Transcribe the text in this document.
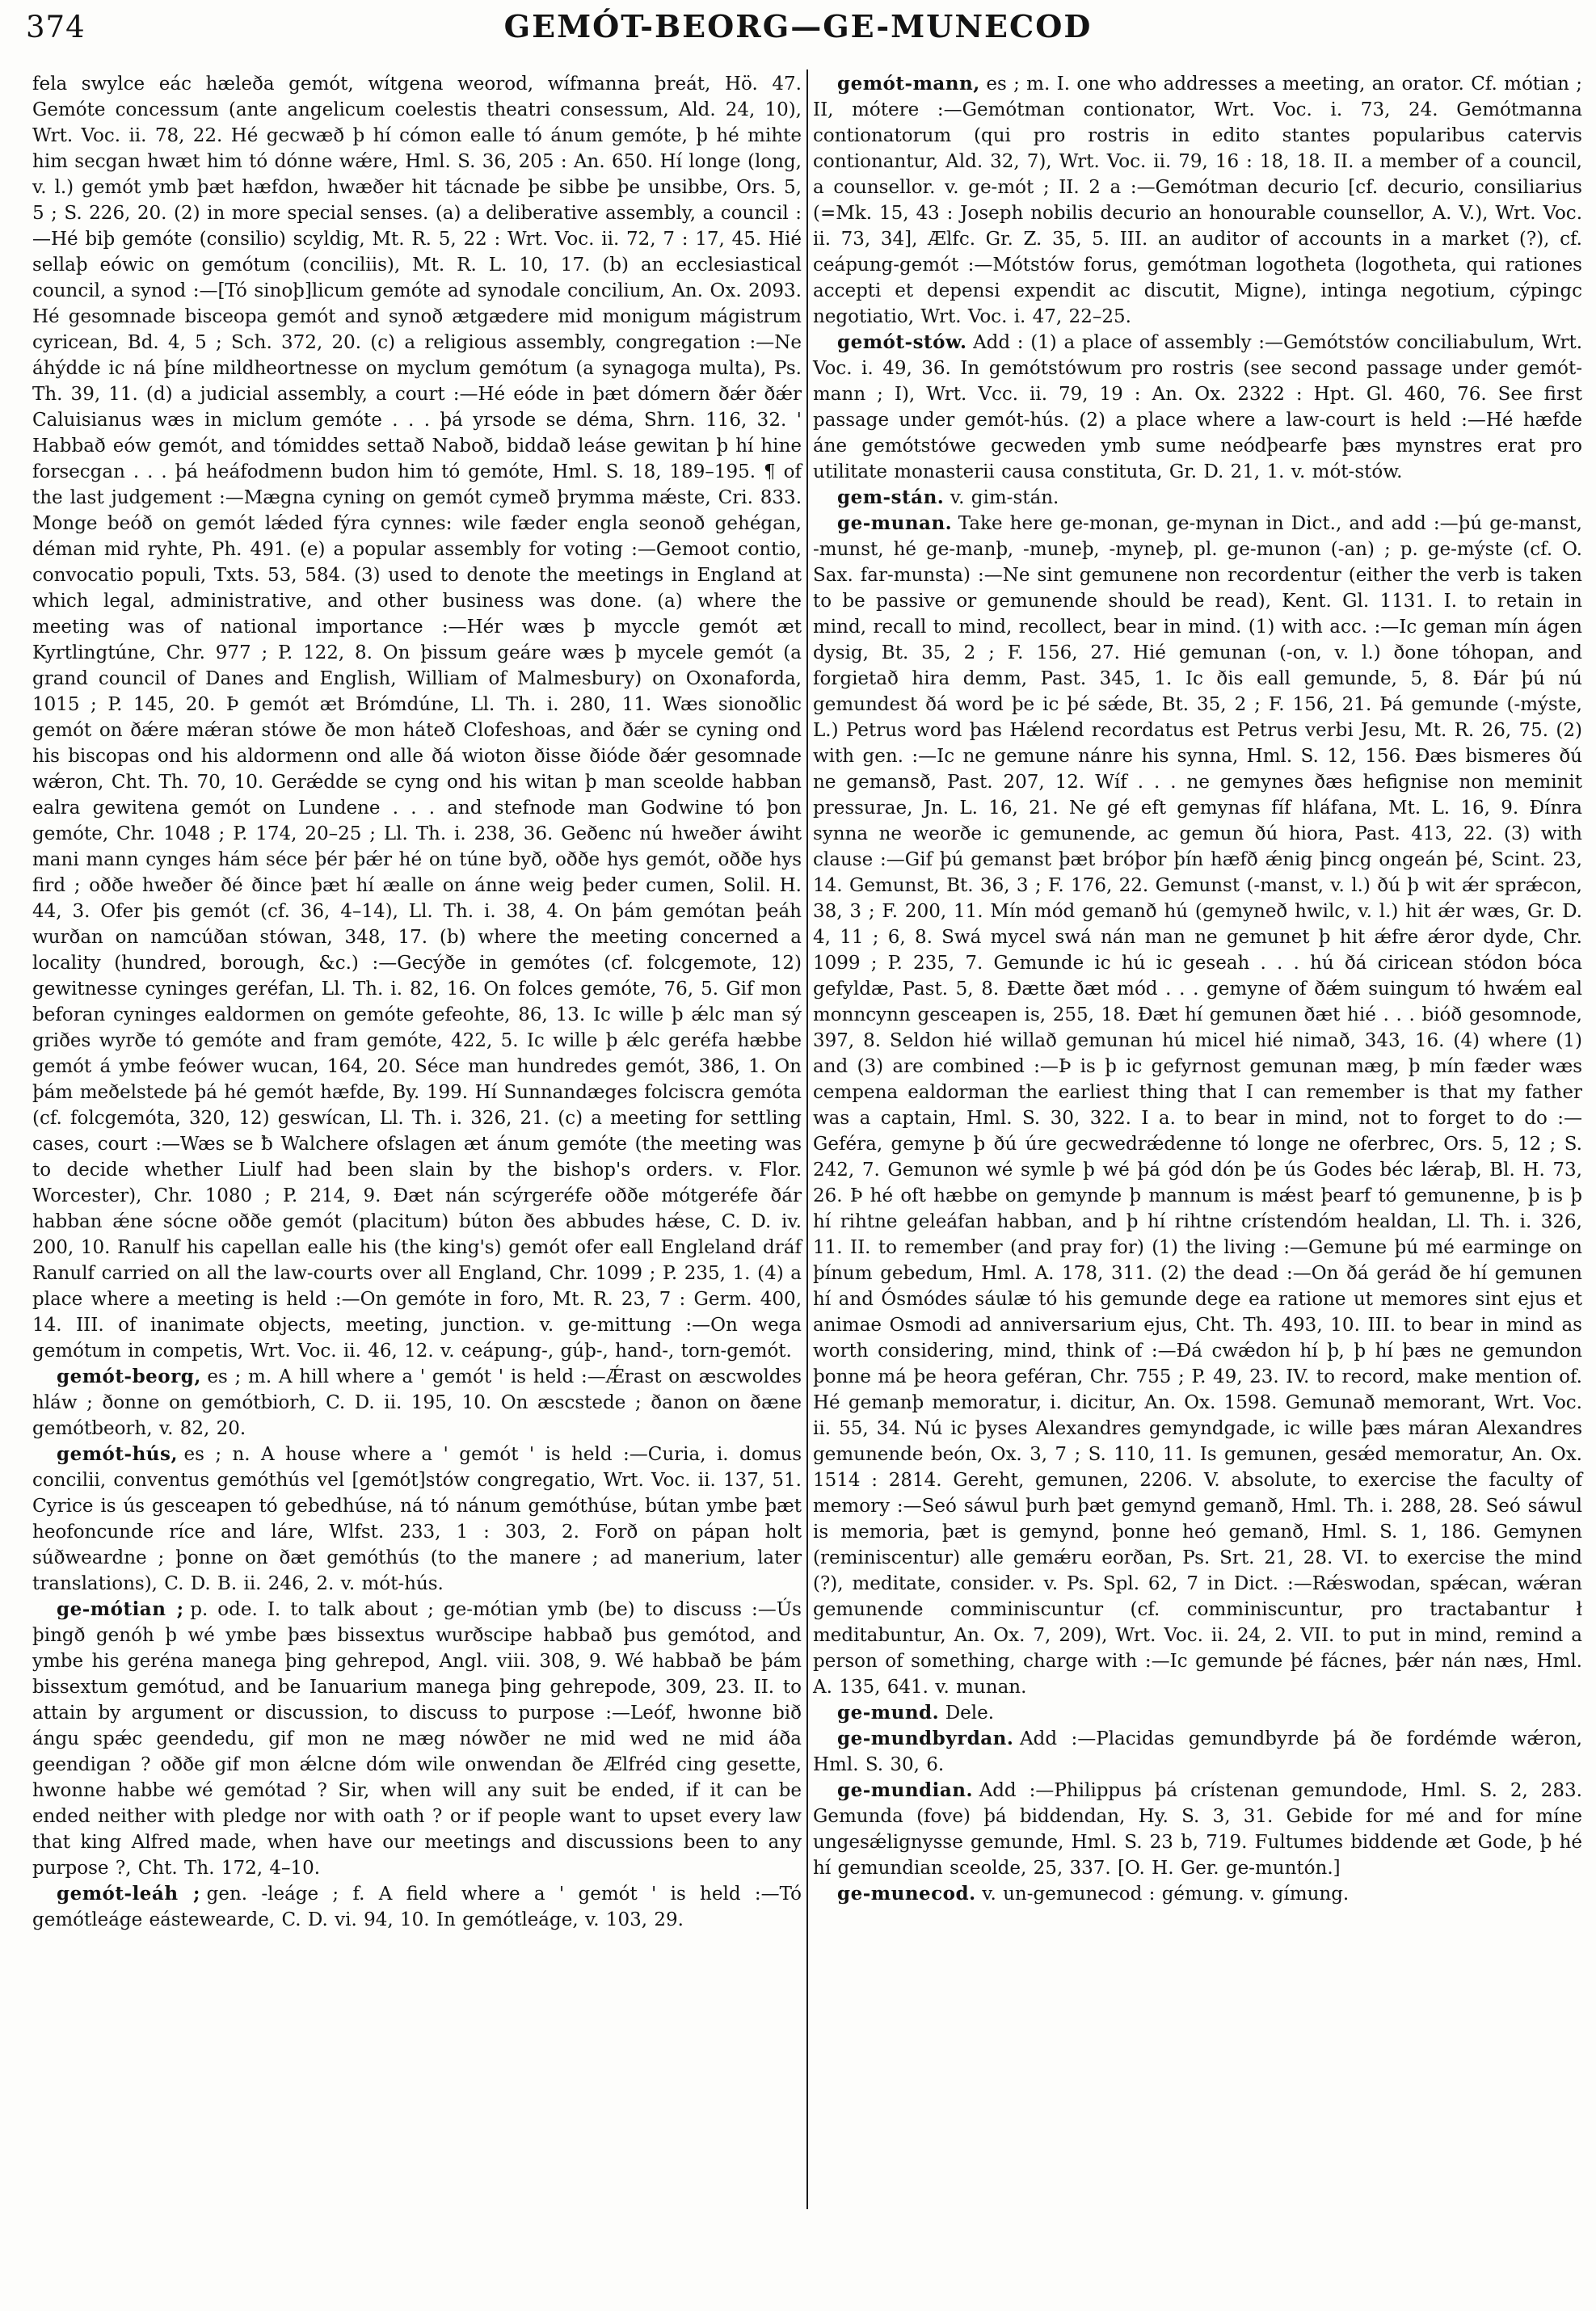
374	GEMÓT-BEORG—GE-MUNECOD

fela swylce eác hæleða gemót, wítgena weorod, wífmanna þreát, Hö. 47. Gemóte concessum (ante angelicum coelestis theatri consessum, Ald. 24, 10), Wrt. Voc. ii. 78, 22. Hé gecwæð þ hí cómon ealle tó ánum gemóte, þ hé mihte him secgan hwæt him tó dónne wǽre, Hml. S. 36, 205 : An. 650. Hí longe (long, v. l.) gemót ymb þæt hæfdon, hwæðer hit tácnade þe sibbe þe unsibbe, Ors. 5, 5 ; S. 226, 20. (2) in more special senses. (a) a deliberative assembly, a council :—Hé biþ gemóte (consilio) scyldig, Mt. R. 5, 22 : Wrt. Voc. ii. 72, 7 : 17, 45. Hié sellaþ eówic on gemótum (conciliis), Mt. R. L. 10, 17. (b) an ecclesiastical council, a synod :—[Tó sinoþ]licum gemóte ad synodale concilium, An. Ox. 2093. Hé gesomnade bisceopa gemót and synoð ætgædere mid monigum mágistrum cyricean, Bd. 4, 5 ; Sch. 372, 20. (c) a religious assembly, congregation :—Ne áhýdde ic ná þíne mildheortnesse on myclum gemótum (a synagoga multa), Ps. Th. 39, 11. (d) a judicial assembly, a court :—Hé eóde in þæt dómern ðǽr ðǽr Caluisianus wæs in miclum gemóte . . . þá yrsode se déma, Shrn. 116, 32. ' Habbað eów gemót, and tómiddes settað Naboð, biddað leáse gewitan þ hí hine forsecgan . . . þá heáfodmenn budon him tó gemóte, Hml. S. 18, 189–195. ¶ of the last judgement :—Mægna cyning on gemót cymeð þrymma mǽste, Cri. 833. Monge beóð on gemót lǽded fýra cynnes: wile fæder engla seonoð gehégan, déman mid ryhte, Ph. 491. (e) a popular assembly for voting :—Gemoot contio, convocatio populi, Txts. 53, 584. (3) used to denote the meetings in England at which legal, administrative, and other business was done. (a) where the meeting was of national importance :—Hér wæs þ myccle gemót æt Kyrtlingtúne, Chr. 977 ; P. 122, 8. On þissum geáre wæs þ mycele gemót (a grand council of Danes and English, William of Malmesbury) on Oxonaforda, 1015 ; P. 145, 20. Þ gemót æt Brómdúne, Ll. Th. i. 280, 11. Wæs sionoðlic gemót on ðǽre mǽran stówe ðe mon háteð Clofeshoas, and ðǽr se cyning ond his biscopas ond his aldormenn ond alle ðá wioton ðisse ðióde ðǽr gesomnade wǽron, Cht. Th. 70, 10. Gerǽdde se cyng ond his witan þ man sceolde habban ealra gewitena gemót on Lundene . . . and stefnode man Godwine tó þon gemóte, Chr. 1048 ; P. 174, 20–25 ; Ll. Th. i. 238, 36. Geðenc nú hweðer áwiht mani mann cynges hám séce þér þǽr hé on túne byð, oððe hys gemót, oððe hys fird ; oððe hweðer ðé ðince þæt hí æalle on ánne weig þeder cumen, Solil. H. 44, 3. Ofer þis gemót (cf. 36, 4–14), Ll. Th. i. 38, 4. On þám gemótan þeáh wurðan on namcúðan stówan, 348, 17. (b) where the meeting concerned a locality (hundred, borough, &c.) :—Gecýðe in gemótes (cf. folcgemote, 12) gewitnesse cyninges geréfan, Ll. Th. i. 82, 16. On folces gemóte, 76, 5. Gif mon beforan cyninges ealdormen on gemóte gefeohte, 86, 13. Ic wille þ ǽlc man sý griðes wyrðe tó gemóte and fram gemóte, 422, 5. Ic wille þ ǽlc geréfa hæbbe gemót á ymbe feówer wucan, 164, 20. Séce man hundredes gemót, 386, 1. On þám meðelstede þá hé gemót hæfde, By. 199. Hí Sunnandæges folciscra gemóta (cf. folcgemóta, 320, 12) geswícan, Ll. Th. i. 326, 21. (c) a meeting for settling cases, court :—Wæs se ƀ Walchere ofslagen æt ánum gemóte (the meeting was to decide whether Liulf had been slain by the bishop's orders. v. Flor. Worcester), Chr. 1080 ; P. 214, 9. Ðæt nán scýrgeréfe oððe mótgeréfe ðár habban ǽne sócne oððe gemót (placitum) búton ðes abbudes hǽse, C. D. iv. 200, 10. Ranulf his capellan ealle his (the king's) gemót ofer eall Engleland dráf Ranulf carried on all the law-courts over all England, Chr. 1099 ; P. 235, 1. (4) a place where a meeting is held :—On gemóte in foro, Mt. R. 23, 7 : Germ. 400, 14. III. of inanimate objects, meeting, junction. v. ge-mittung :—On wega gemótum in competis, Wrt. Voc. ii. 46, 12. v. ceápung-, gúþ-, hand-, torn-gemót.

gemót-beorg, es ; m. A hill where a ' gemót ' is held :—Ǽrast on æscwoldes hláw ; ðonne on gemótbiorh, C. D. ii. 195, 10. On æscstede ; ðanon on ðæne gemótbeorh, v. 82, 20.

gemót-hús, es ; n. A house where a ' gemót ' is held :—Curia, i. domus concilii, conventus gemóthús vel [gemót]stów congregatio, Wrt. Voc. ii. 137, 51. Cyrice is ús gesceapen tó gebedhúse, ná tó nánum gemóthúse, bútan ymbe þæt heofoncunde ríce and láre, Wlfst. 233, 1 : 303, 2. Forð on pápan holt súðweardne ; þonne on ðæt gemóthús (to the manere ; ad manerium, later translations), C. D. B. ii. 246, 2. v. mót-hús.

ge-mótian ; p. ode. I. to talk about ; ge-mótian ymb (be) to discuss :—Ús þingð genóh þ wé ymbe þæs bissextus wurðscipe habbað þus gemótod, and ymbe his geréna manega þing gehrepod, Angl. viii. 308, 9. Wé habbað be þám bissextum gemótud, and be Ianuarium manega þing gehrepode, 309, 23. II. to attain by argument or discussion, to discuss to purpose :—Leóf, hwonne bið ángu spǽc geendedu, gif mon ne mæg nówðer ne mid wed ne mid áða geendigan ? oððe gif mon ǽlcne dóm wile onwendan ðe Ælfréd cing gesette, hwonne habbe wé gemótad ? Sir, when will any suit be ended, if it can be ended neither with pledge nor with oath ? or if people want to upset every law that king Alfred made, when have our meetings and discussions been to any purpose ?, Cht. Th. 172, 4–10.

gemót-leáh ; gen. -leáge ; f. A field where a ' gemót ' is held :—Tó gemótleáge eástewearde, C. D. vi. 94, 10. In gemótleáge, v. 103, 29.

gemót-mann, es ; m. I. one who addresses a meeting, an orator. Cf. mótian ; II, mótere :—Gemótman contionator, Wrt. Voc. i. 73, 24. Gemótmanna contionatorum (qui pro rostris in edito stantes popularibus catervis contionantur, Ald. 32, 7), Wrt. Voc. ii. 79, 16 : 18, 18. II. a member of a council, a counsellor. v. ge-mót ; II. 2 a :—Gemótman decurio [cf. decurio, consiliarius (=Mk. 15, 43 : Joseph nobilis decurio an honourable counsellor, A. V.), Wrt. Voc. ii. 73, 34], Ælfc. Gr. Z. 35, 5. III. an auditor of accounts in a market (?), cf. ceápung-gemót :—Mótstów forus, gemótman logotheta (logotheta, qui rationes accepti et depensi expendit ac discutit, Migne), intinga negotium, cýpingc negotiatio, Wrt. Voc. i. 47, 22–25.

gemót-stów. Add : (1) a place of assembly :—Gemótstów conciliabulum, Wrt. Voc. i. 49, 36. In gemótstówum pro rostris (see second passage under gemót-mann ; I), Wrt. Vcc. ii. 79, 19 : An. Ox. 2322 : Hpt. Gl. 460, 76. See first passage under gemót-hús. (2) a place where a law-court is held :—Hé hæfde áne gemótstówe gecweden ymb sume neódþearfe þæs mynstres erat pro utilitate monasterii causa constituta, Gr. D. 21, 1. v. mót-stów.

gem-stán. v. gim-stán.

ge-munan. Take here ge-monan, ge-mynan in Dict., and add :—þú ge-manst, -munst, hé ge-manþ, -muneþ, -myneþ, pl. ge-munon (-an) ; p. ge-mýste (cf. O. Sax. far-munsta) :—Ne sint gemunene non recordentur (either the verb is taken to be passive or gemunende should be read), Kent. Gl. 1131. I. to retain in mind, recall to mind, recollect, bear in mind. (1) with acc. :—Ic geman mín ágen dysig, Bt. 35, 2 ; F. 156, 27. Hié gemunan (-on, v. l.) ðone tóhopan, and forgietað hira demm, Past. 345, 1. Ic ðis eall gemunde, 5, 8. Ðár þú nú gemundest ðá word þe ic þé sǽde, Bt. 35, 2 ; F. 156, 21. Þá gemunde (-mýste, L.) Petrus word þas Hǽlend recordatus est Petrus verbi Jesu, Mt. R. 26, 75. (2) with gen. :—Ic ne gemune nánre his synna, Hml. S. 12, 156. Ðæs bismeres ðú ne gemansð, Past. 207, 12. Wíf . . . ne gemynes ðæs hefignise non meminit pressurae, Jn. L. 16, 21. Ne gé eft gemynas fíf hláfana, Mt. L. 16, 9. Ðínra synna ne weorðe ic gemunende, ac gemun ðú hiora, Past. 413, 22. (3) with clause :—Gif þú gemanst þæt bróþor þín hæfð ǽnig þincg ongeán þé, Scint. 23, 14. Gemunst, Bt. 36, 3 ; F. 176, 22. Gemunst (-manst, v. l.) ðú þ wit ǽr sprǽcon, 38, 3 ; F. 200, 11. Mín mód gemanð hú (gemyneð hwilc, v. l.) hit ǽr wæs, Gr. D. 4, 11 ; 6, 8. Swá mycel swá nán man ne gemunet þ hit ǽfre ǽror dyde, Chr. 1099 ; P. 235, 7. Gemunde ic hú ic geseah . . . hú ðá ciricean stódon bóca gefyldæ, Past. 5, 8. Ðætte ðæt mód . . . gemyne of ðǽm suingum tó hwǽm eal monncynn gesceapen is, 255, 18. Ðæt hí gemunen ðæt hié . . . bióð gesomnode, 397, 8. Seldon hié willað gemunan hú micel hié nimað, 343, 16. (4) where (1) and (3) are combined :—Þ is þ ic gefyrnost gemunan mæg, þ mín fæder wæs cempena ealdorman the earliest thing that I can remember is that my father was a captain, Hml. S. 30, 322. I a. to bear in mind, not to forget to do :—Geféra, gemyne þ ðú úre gecwedrǽdenne tó longe ne oferbrec, Ors. 5, 12 ; S. 242, 7. Gemunon wé symle þ wé þá gód dón þe ús Godes béc lǽraþ, Bl. H. 73, 26. Þ hé oft hæbbe on gemynde þ mannum is mǽst þearf tó gemunenne, þ is þ hí rihtne geleáfan habban, and þ hí rihtne crístendóm healdan, Ll. Th. i. 326, 11. II. to remember (and pray for) (1) the living :—Gemune þú mé earminge on þínum gebedum, Hml. A. 178, 311. (2) the dead :—On ðá gerád ðe hí gemunen hí and Ósmódes sáulæ tó his gemunde dege ea ratione ut memores sint ejus et animae Osmodi ad anniversarium ejus, Cht. Th. 493, 10. III. to bear in mind as worth considering, mind, think of :—Ðá cwǽdon hí þ, þ hí þæs ne gemundon þonne má þe heora geféran, Chr. 755 ; P. 49, 23. IV. to record, make mention of. Hé gemanþ memoratur, i. dicitur, An. Ox. 1598. Gemunað memorant, Wrt. Voc. ii. 55, 34. Nú ic þyses Alexandres gemyndgade, ic wille þæs máran Alexandres gemunende beón, Ox. 3, 7 ; S. 110, 11. Is gemunen, gesǽd memoratur, An. Ox. 1514 : 2814. Gereht, gemunen, 2206. V. absolute, to exercise the faculty of memory :—Seó sáwul þurh þæt gemynd gemanð, Hml. Th. i. 288, 28. Seó sáwul is memoria, þæt is gemynd, þonne heó gemanð, Hml. S. 1, 186. Gemynen (reminiscentur) alle gemǽru eorðan, Ps. Srt. 21, 28. VI. to exercise the mind (?), meditate, consider. v. Ps. Spl. 62, 7 in Dict. :—Rǽswodan, spǽcan, wǽran gemunende comminiscuntur (cf. comminiscuntur, pro tractabantur ł meditabuntur, An. Ox. 7, 209), Wrt. Voc. ii. 24, 2. VII. to put in mind, remind a person of something, charge with :—Ic gemunde þé fácnes, þǽr nán næs, Hml. A. 135, 641. v. munan.

ge-mund. Dele.

ge-mundbyrdan. Add :—Placidas gemundbyrde þá ðe fordémde wǽron, Hml. S. 30, 6.

ge-mundian. Add :—Philippus þá crístenan gemundode, Hml. S. 2, 283. Gemunda (fove) þá biddendan, Hy. S. 3, 31. Gebide for mé and for míne ungesǽlignysse gemunde, Hml. S. 23 b, 719. Fultumes biddende æt Gode, þ hé hí gemundian sceolde, 25, 337. [O. H. Ger. ge-muntón.]

ge-munecod. v. un-gemunecod : gémung. v. gímung.
